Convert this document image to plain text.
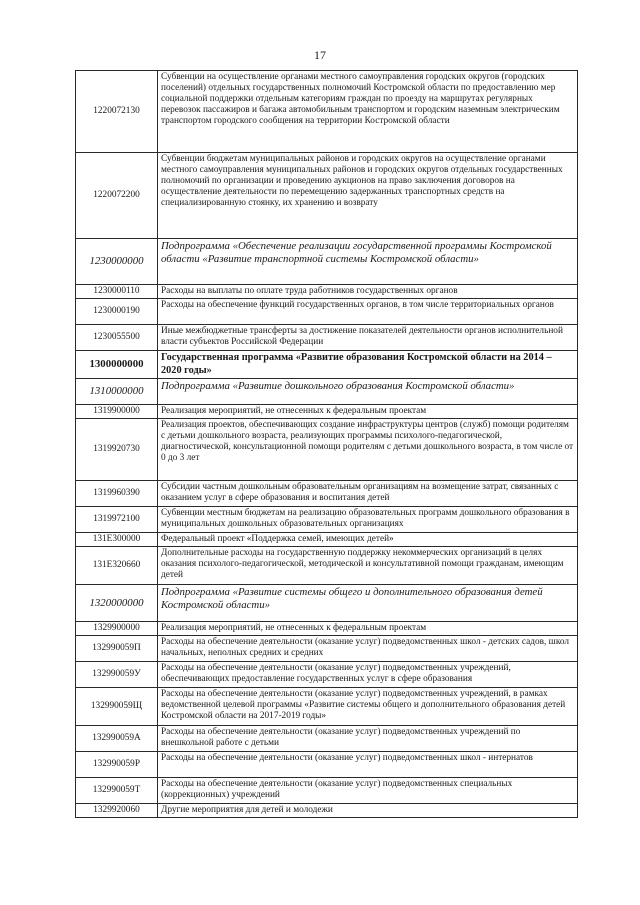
17
1220072130	Субвенции на осуществление органами местного самоуправления городских округов (городских поселений) отдельных государственных полномочий Костромской области по предоставлению мер социальной поддержки отдельным категориям граждан по проезду на маршрутах регулярных перевозок пассажиров и багажа автомобильным транспортом и городским наземным электрическим транспортом городского сообщения на территории Костромской области
1220072200	Субвенции бюджетам муниципальных районов и городских округов на осуществление органами местного самоуправления муниципальных районов и городских округов отдельных государственных полномочий по организации и проведению аукционов на право заключения договоров на осуществление деятельности по перемещению задержанных транспортных средств на специализированную стоянку, их хранению и возврату
1230000000	Подпрограмма «Обеспечение реализации государственной программы Костромской области «Развитие транспортной системы Костромской области»
1230000110	Расходы на выплаты по оплате труда работников государственных органов
1230000190	Расходы на обеспечение функций государственных органов, в том числе территориальных органов
1230055500	Иные межбюджетные трансферты за достижение показателей деятельности органов исполнительной власти субъектов Российской Федерации
1300000000	Государственная программа «Развитие образования Костромской области на 2014 – 2020 годы»
1310000000	Подпрограмма «Развитие дошкольного образования Костромской области»
1319900000	Реализация мероприятий, не отнесенных к федеральным проектам
1319920730	Реализация проектов, обеспечивающих создание инфраструктуры центров (служб) помощи родителям с детьми дошкольного возраста, реализующих программы психолого-педагогической, диагностической, консультационной помощи родителям с детьми дошкольного возраста, в том числе от 0 до 3 лет
1319960390	Субсидии частным дошкольным образовательным организациям на возмещение затрат, связанных с оказанием услуг в сфере образования и воспитания детей
1319972100	Субвенции местным бюджетам на реализацию образовательных программ дошкольного образования в муниципальных дошкольных образовательных организациях
131E300000	Федеральный проект «Поддержка семей, имеющих детей»
131E320660	Дополнительные расходы на государственную поддержку некоммерческих организаций в целях оказания психолого-педагогической, методической и консультативной помощи гражданам, имеющим детей
1320000000	Подпрограмма «Развитие системы общего и дополнительного образования детей Костромской области»
1329900000	Реализация мероприятий, не отнесенных к федеральным проектам
132990059П	Расходы на обеспечение деятельности (оказание услуг) подведомственных школ - детских садов, школ начальных, неполных средних и средних
132990059У	Расходы на обеспечение деятельности (оказание услуг) подведомственных учреждений, обеспечивающих предоставление государственных услуг в сфере образования
132990059Щ	Расходы на обеспечение деятельности (оказание услуг) подведомственных учреждений, в рамках ведомственной целевой программы «Развитие системы общего и дополнительного образования детей Костромской области на 2017-2019 годы»
132990059А	Расходы на обеспечение деятельности (оказание услуг) подведомственных учреждений по внешкольной работе с детьми
132990059Р	Расходы на обеспечение деятельности (оказание услуг) подведомственных школ - интернатов
132990059Т	Расходы на обеспечение деятельности (оказание услуг) подведомственных специальных (коррекционных) учреждений
1329920060	Другие мероприятия для детей и молодежи
